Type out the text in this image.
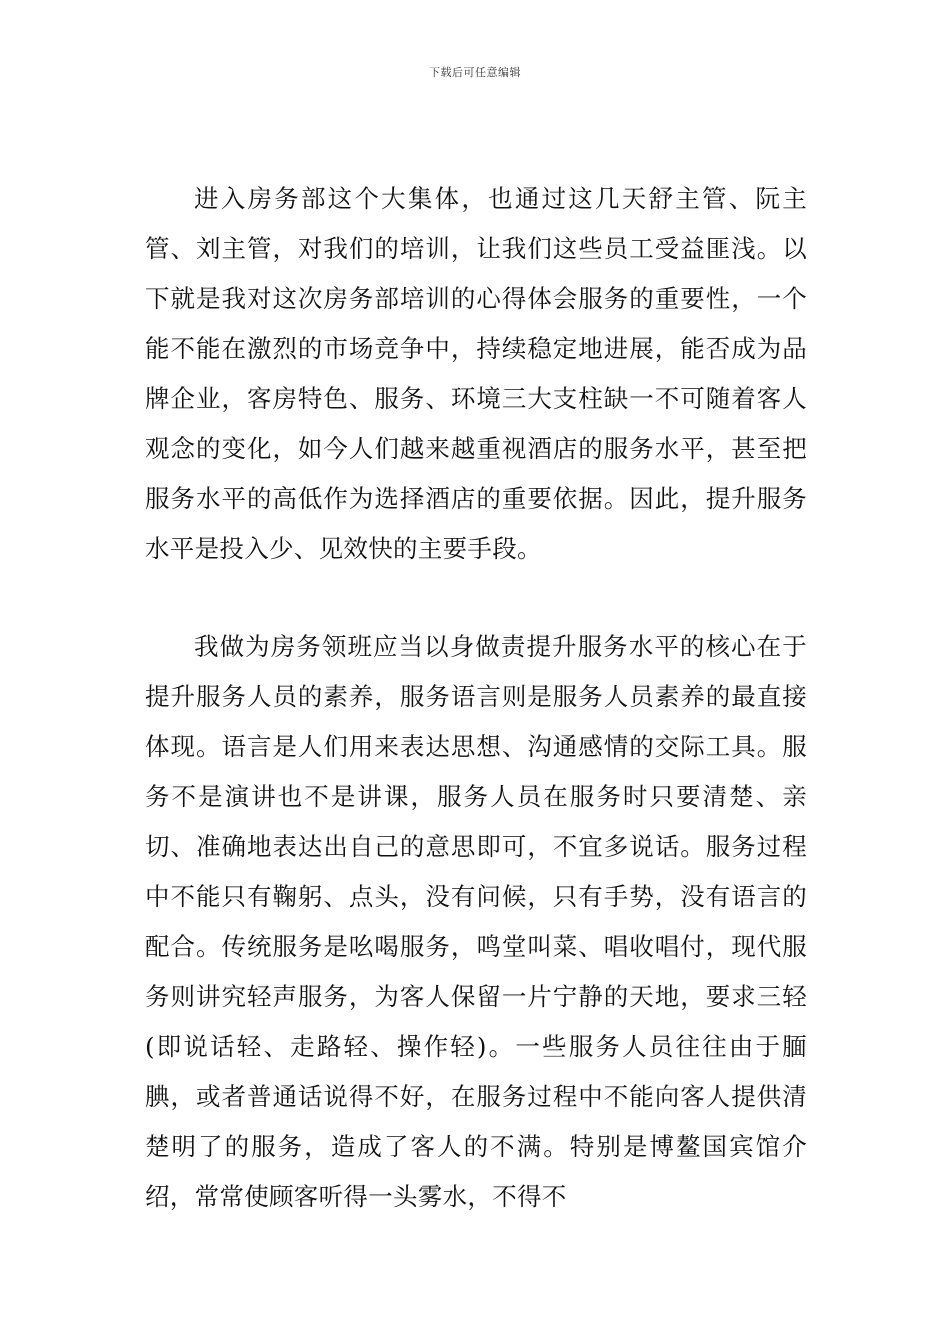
下载后可任意编辑

进入房务部这个大集体，也通过这几天舒主管、阮主管、刘主管，对我们的培训，让我们这些员工受益匪浅。以下就是我对这次房务部培训的心得体会服务的重要性，一个能不能在激烈的市场竞争中，持续稳定地进展，能否成为品牌企业，客房特色、服务、环境三大支柱缺一不可随着客人观念的变化，如今人们越来越重视酒店的服务水平，甚至把服务水平的高低作为选择酒店的重要依据。因此，提升服务水平是投入少、见效快的主要手段。

我做为房务领班应当以身做责提升服务水平的核心在于提升服务人员的素养，服务语言则是服务人员素养的最直接体现。语言是人们用来表达思想、沟通感情的交际工具。服务不是演讲也不是讲课，服务人员在服务时只要清楚、亲切、准确地表达出自己的意思即可，不宜多说话。服务过程中不能只有鞠躬、点头，没有问候，只有手势，没有语言的配合。传统服务是吆喝服务，鸣堂叫菜、唱收唱付，现代服务则讲究轻声服务，为客人保留一片宁静的天地，要求三轻(即说话轻、走路轻、操作轻)。一些服务人员往往由于腼腆，或者普通话说得不好，在服务过程中不能向客人提供清楚明了的服务，造成了客人的不满。特别是博鳌国宾馆介绍，常常使顾客听得一头雾水，不得不
